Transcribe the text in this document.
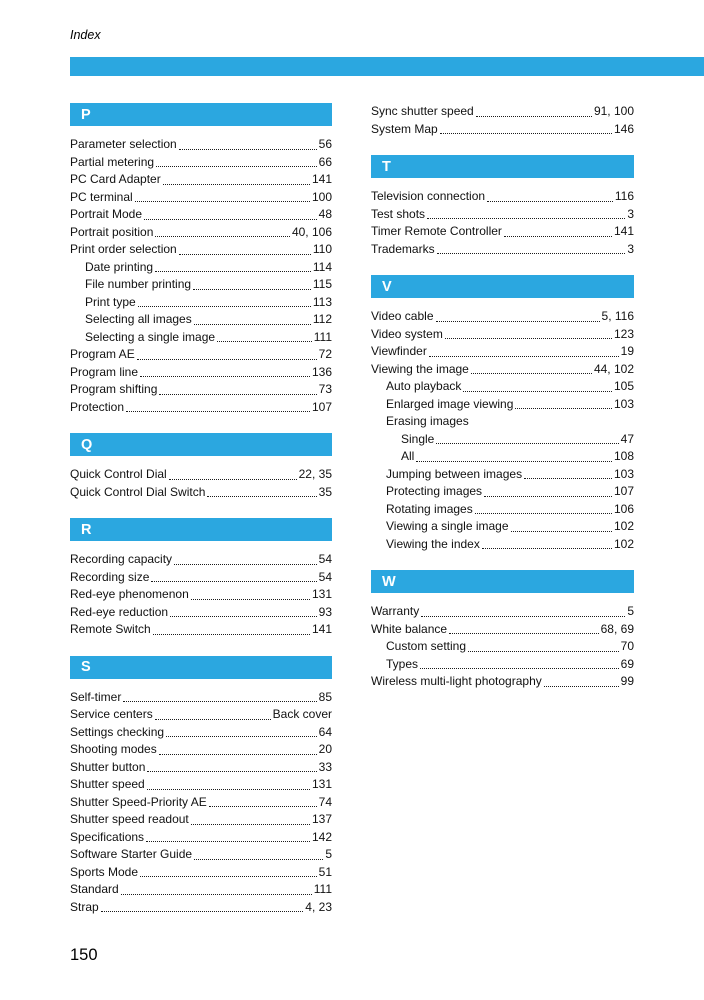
Index
P
Parameter selection	56
Partial metering	66
PC Card Adapter	141
PC terminal	100
Portrait Mode	48
Portrait position	40, 106
Print order selection	110
Date printing	114
File number printing	115
Print type	113
Selecting all images	112
Selecting a single image	111
Program AE	72
Program line	136
Program shifting	73
Protection	107
Q
Quick Control Dial	22, 35
Quick Control Dial Switch	35
R
Recording capacity	54
Recording size	54
Red-eye phenomenon	131
Red-eye reduction	93
Remote Switch	141
S
Self-timer	85
Service centers	Back cover
Settings checking	64
Shooting modes	20
Shutter button	33
Shutter speed	131
Shutter Speed-Priority AE	74
Shutter speed readout	137
Specifications	142
Software Starter Guide	5
Sports Mode	51
Standard	111
Strap	4, 23
Sync shutter speed	91, 100
System Map	146
T
Television connection	116
Test shots	3
Timer Remote Controller	141
Trademarks	3
V
Video cable	5, 116
Video system	123
Viewfinder	19
Viewing the image	44, 102
Auto playback	105
Enlarged image viewing	103
Erasing images
Single	47
All	108
Jumping between images	103
Protecting images	107
Rotating images	106
Viewing a single image	102
Viewing the index	102
W
Warranty	5
White balance	68, 69
Custom setting	70
Types	69
Wireless multi-light photography	99
150
